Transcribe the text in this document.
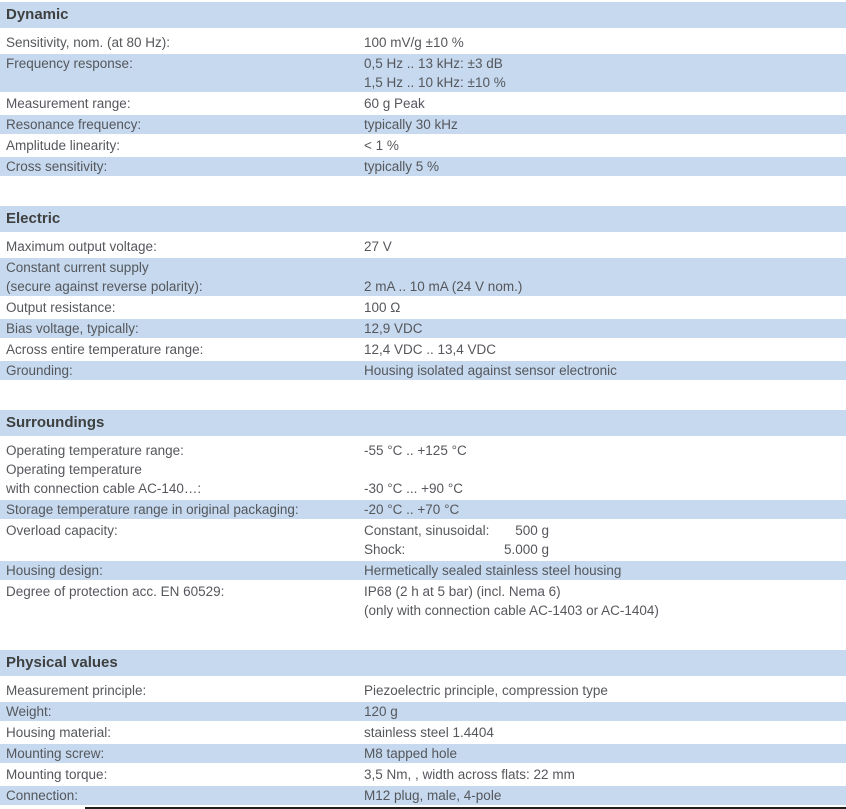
Dynamic
Sensitivity, nom. (at 80 Hz):	100 mV/g ±10 %
Frequency response:	0,5 Hz .. 13 kHz: ±3 dB
1,5 Hz .. 10 kHz: ±10 %
Measurement range:	60 g Peak
Resonance frequency:	typically 30 kHz
Amplitude linearity:	< 1 %
Cross sensitivity:	typically 5 %
Electric
Maximum output voltage:	27 V
Constant current supply
(secure against reverse polarity):	2 mA .. 10 mA (24 V nom.)
Output resistance:	100 Ω
Bias voltage, typically:	12,9 VDC
Across entire temperature range:	12,4 VDC .. 13,4 VDC
Grounding:	Housing isolated against sensor electronic
Surroundings
Operating temperature range:	-55 °C .. +125 °C
Operating temperature
with connection cable AC-140…:	-30 °C ... +90 °C
Storage temperature range in original packaging:	-20 °C .. +70 °C
Overload capacity:	Constant, sinusoidal:	500 g
Shock:	5.000 g
Housing design:	Hermetically sealed stainless steel housing
Degree of protection acc. EN 60529:	IP68 (2 h at 5 bar) (incl. Nema 6)
(only with connection cable AC-1403 or AC-1404)
Physical values
Measurement principle:	Piezoelectric principle, compression type
Weight:	120 g
Housing material:	stainless steel 1.4404
Mounting screw:	M8 tapped hole
Mounting torque:	3,5 Nm, , width across flats: 22 mm
Connection:	M12 plug, male, 4-pole
